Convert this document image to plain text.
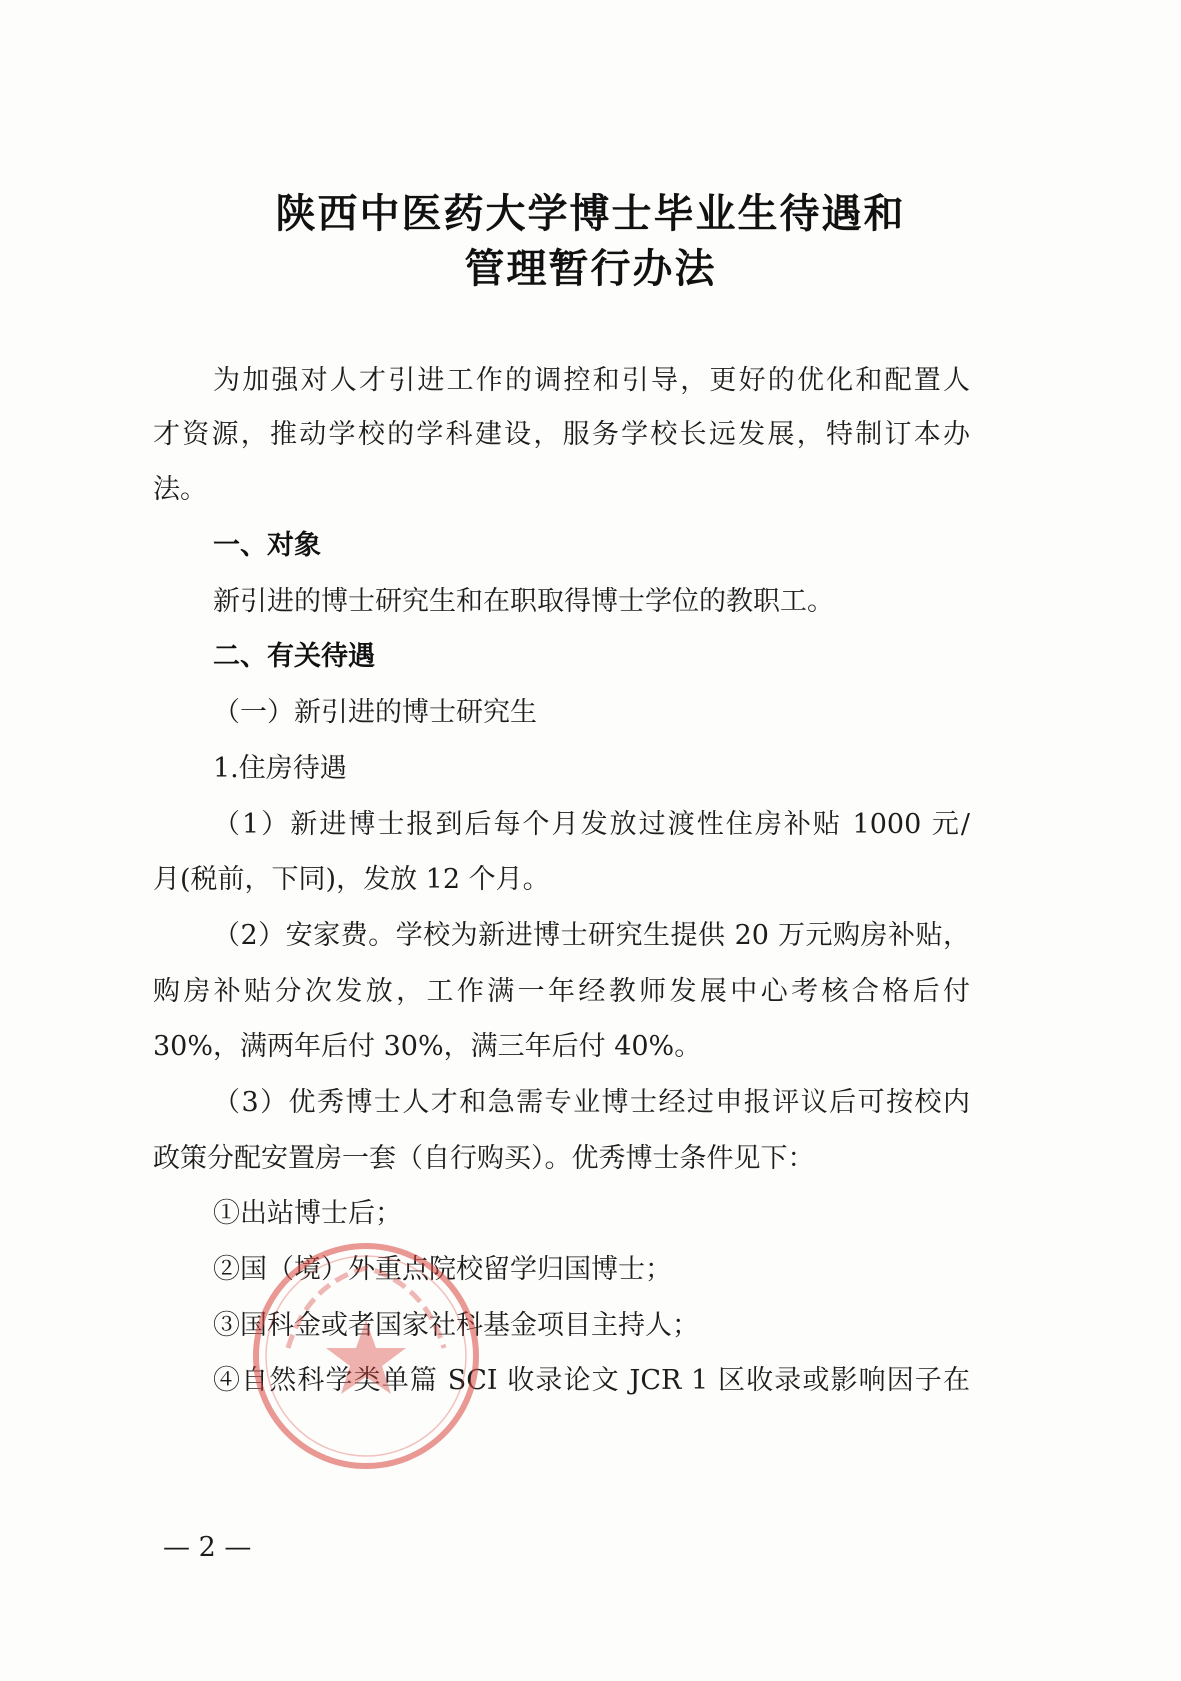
陕西中医药大学博士毕业生待遇和
管理暂行办法
为加强对人才引进工作的调控和引导，更好的优化和配置人
才资源，推动学校的学科建设，服务学校长远发展，特制订本办
法。
一、对象
新引进的博士研究生和在职取得博士学位的教职工。
二、有关待遇
（一）新引进的博士研究生
1.住房待遇
（1）新进博士报到后每个月发放过渡性住房补贴 1000 元/
月(税前，下同)，发放 12 个月。
（2）安家费。学校为新进博士研究生提供 20 万元购房补贴，
购房补贴分次发放，工作满一年经教师发展中心考核合格后付
30%，满两年后付 30%，满三年后付 40%。
（3）优秀博士人才和急需专业博士经过申报评议后可按校内
政策分配安置房一套（自行购买）。优秀博士条件见下：
①出站博士后；
②国（境）外重点院校留学归国博士；
③国科金或者国家社科基金项目主持人；
④自然科学类单篇 SCI 收录论文 JCR 1 区收录或影响因子在
— 2 —
